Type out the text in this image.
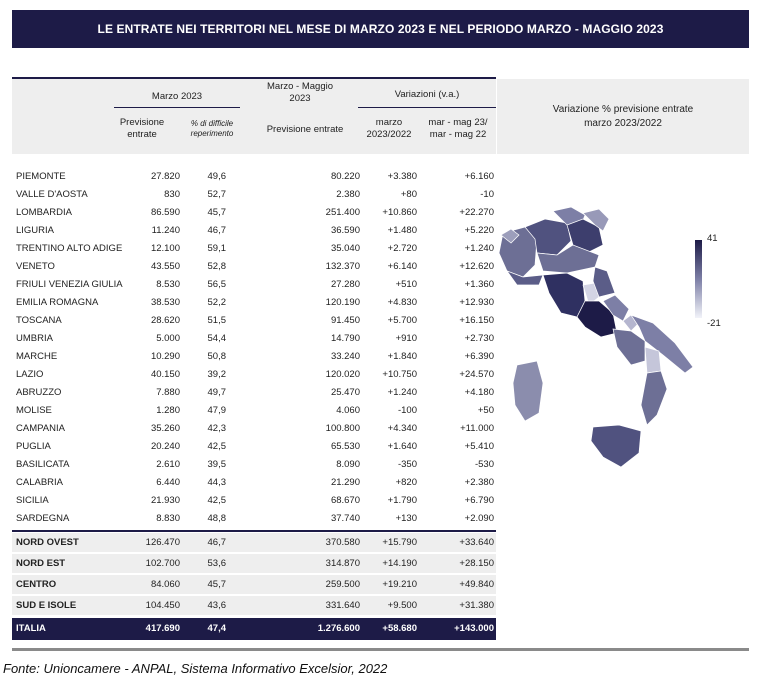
LE ENTRATE NEI TERRITORI NEL MESE DI MARZO 2023 E NEL PERIODO MARZO - MAGGIO 2023
Marzo 2023
Marzo - Maggio
2023	Variazioni (v.a.)
Previsione
entrate
% di difficile
reperimento	Previsione entrate
marzo
2023/2022
mar - mag 23/
mar - mag 22
PIEMONTE	27.820	49,6	80.220	+3.380	+6.160
VALLE D'AOSTA	830	52,7	2.380	+80	-10
LOMBARDIA	86.590	45,7	251.400 +10.860	+22.270
LIGURIA	11.240	46,7	36.590	+1.480	+5.220
TRENTINO ALTO ADIGE	12.100	59,1	35.040	+2.720	+1.240
VENETO	43.550	52,8	132.370	+6.140	+12.620
FRIULI VENEZIA GIULIA	8.530	56,5	27.280	+510	+1.360
EMILIA ROMAGNA	38.530	52,2	120.190	+4.830	+12.930
TOSCANA	28.620	51,5	91.450	+5.700	+16.150
UMBRIA	5.000	54,4	14.790	+910	+2.730
MARCHE	10.290	50,8	33.240	+1.840	+6.390
LAZIO	40.150	39,2	120.020 +10.750	+24.570
ABRUZZO	7.880	49,7	25.470	+1.240	+4.180
MOLISE	1.280	47,9	4.060	-100	+50
CAMPANIA	35.260	42,3	100.800	+4.340	+11.000
PUGLIA	20.240	42,5	65.530	+1.640	+5.410
BASILICATA	2.610	39,5	8.090	-350	-530
CALABRIA	6.440	44,3	21.290	+820	+2.380
SICILIA	21.930	42,5	68.670	+1.790	+6.790
SARDEGNA	8.830	48,8	37.740	+130	+2.090
NORD OVEST	126.470	46,7	370.580 +15.790	+33.640
NORD EST	102.700	53,6	314.870 +14.190	+28.150
CENTRO	84.060	45,7	259.500 +19.210	+49.840
SUD E ISOLE	104.450	43,6	331.640	+9.500	+31.380
ITALIA	417.690	47,4	1.276.600 +58.680	+143.000
Variazione % previsione entrate
marzo 2023/2022
41
-21
Fonte: Unioncamere - ANPAL, Sistema Informativo Excelsior, 2022
